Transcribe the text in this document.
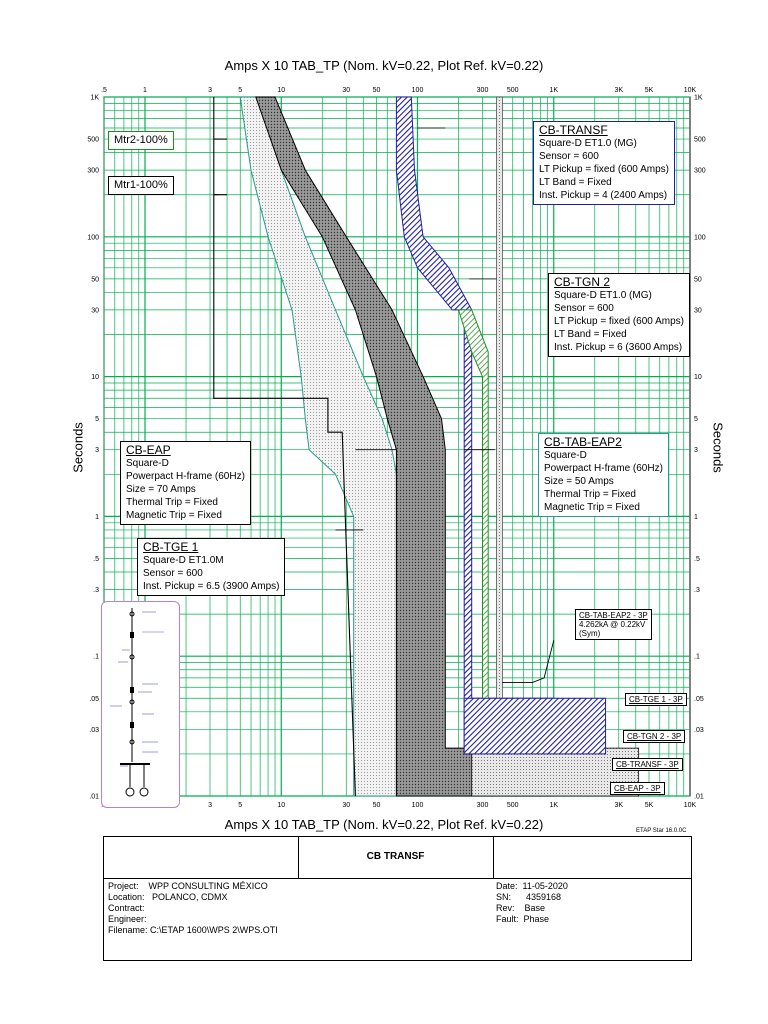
Amps X 10 TAB_TP (Nom. kV=0.22, Plot Ref. kV=0.22)
Amps X 10 TAB_TP (Nom. kV=0.22, Plot Ref. kV=0.22)
Seconds	Seconds
.5	1	3
3
5
5
10
10
30
30
50
50
100
100
300
300
500
500
1K
1K
3K
3K
5K
5K
10K
10K
.01	.01
.03	.03
.05	.05
.1	.1
.3	.3
.5	.5
1	1
3	3
5	5
10	10
30	30
50	50
100	100
300	300
500	500
1K	1K
CB-TRANSF
Square-D ET1.0 (MG)
Sensor = 600
LT Pickup = fixed (600 Amps)
LT Band = Fixed
Inst. Pickup = 4 (2400 Amps)
CB-TGN 2
Square-D ET1.0 (MG)
Sensor = 600
LT Pickup = fixed (600 Amps)
LT Band = Fixed
Inst. Pickup = 6 (3600 Amps)
CB-TAB-EAP2
Square-D
Powerpact H-frame (60Hz)
Size = 50 Amps
Thermal Trip = Fixed
Magnetic Trip = Fixed
CB-EAP
Square-D
Powerpact H-frame (60Hz)
Size = 70 Amps
Thermal Trip = Fixed
Magnetic Trip = Fixed
CB-TGE 1
Square-D ET1.0M
Sensor = 600
Inst. Pickup = 6.5 (3900 Amps)
Mtr2-100%
Mtr1-100%
CB-TAB-EAP2 - 3P
4.262kA @ 0.22kV
(Sym)
CB-TGE 1 - 3P
CB-TGN 2 - 3P
CB-TRANSF - 3P
CB-EAP - 3P
ETAP Star 16.0.0C
CB TRANSF
Project:    WPP CONSULTING MÉXICO
Location:   POLANCO, CDMX
Contract:
Engineer:
Filename: C:\ETAP 1600\WPS 2\WPS.OTI
Date:  11-05-2020
SN:      4359168
Rev:    Base
Fault:  Phase
